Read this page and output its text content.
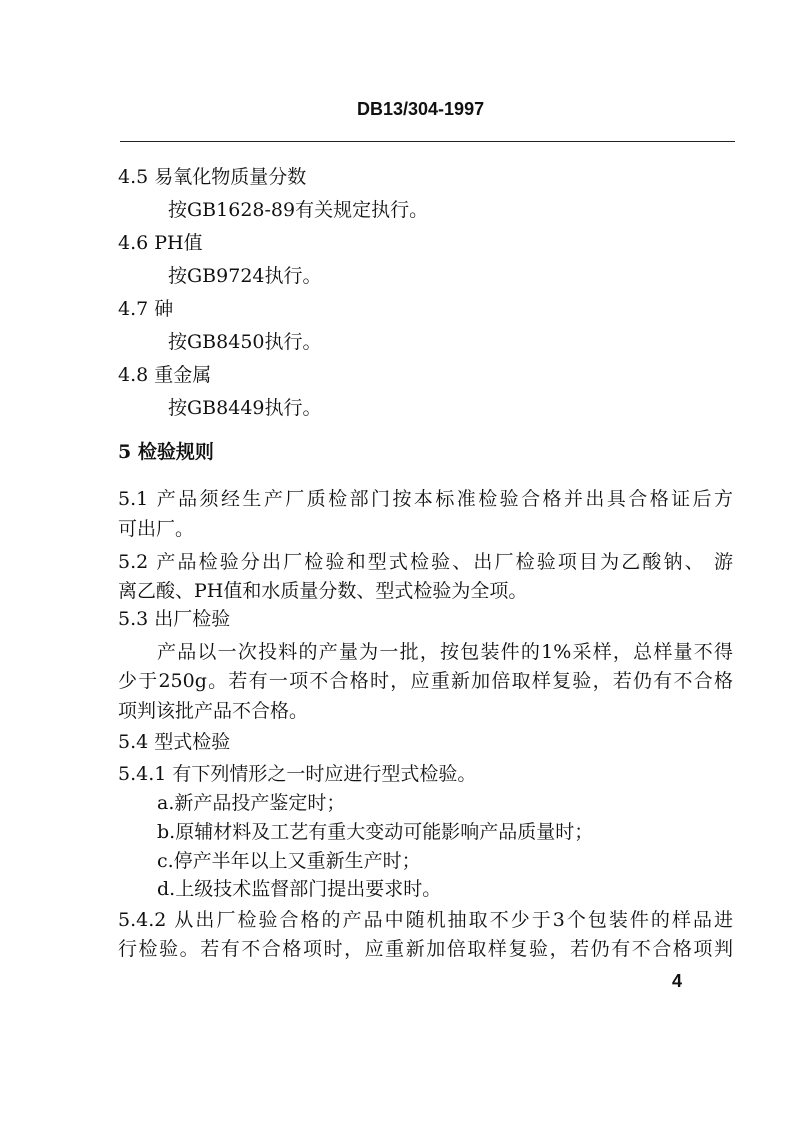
DB13/304-1997
4.5 易氧化物质量分数
按GB1628-89有关规定执行。
4.6 PH值
按GB9724执行。
4.7 砷
按GB8450执行。
4.8 重金属
按GB8449执行。
5 检验规则
5.1 产品须经生产厂质检部门按本标准检验合格并出具合格证后方
可出厂。
5.2 产品检验分出厂检验和型式检验、出厂检验项目为乙酸钠、 游
离乙酸、PH值和水质量分数、型式检验为全项。
5.3 出厂检验
产品以一次投料的产量为一批，按包装件的1%采样，总样量不得
少于250g。若有一项不合格时，应重新加倍取样复验，若仍有不合格
项判该批产品不合格。
5.4 型式检验
5.4.1 有下列情形之一时应进行型式检验。
a.新产品投产鉴定时；
b.原辅材料及工艺有重大变动可能影响产品质量时；
c.停产半年以上又重新生产时；
d.上级技术监督部门提出要求时。
5.4.2 从出厂检验合格的产品中随机抽取不少于3个包装件的样品进
行检验。若有不合格项时，应重新加倍取样复验，若仍有不合格项判
4
